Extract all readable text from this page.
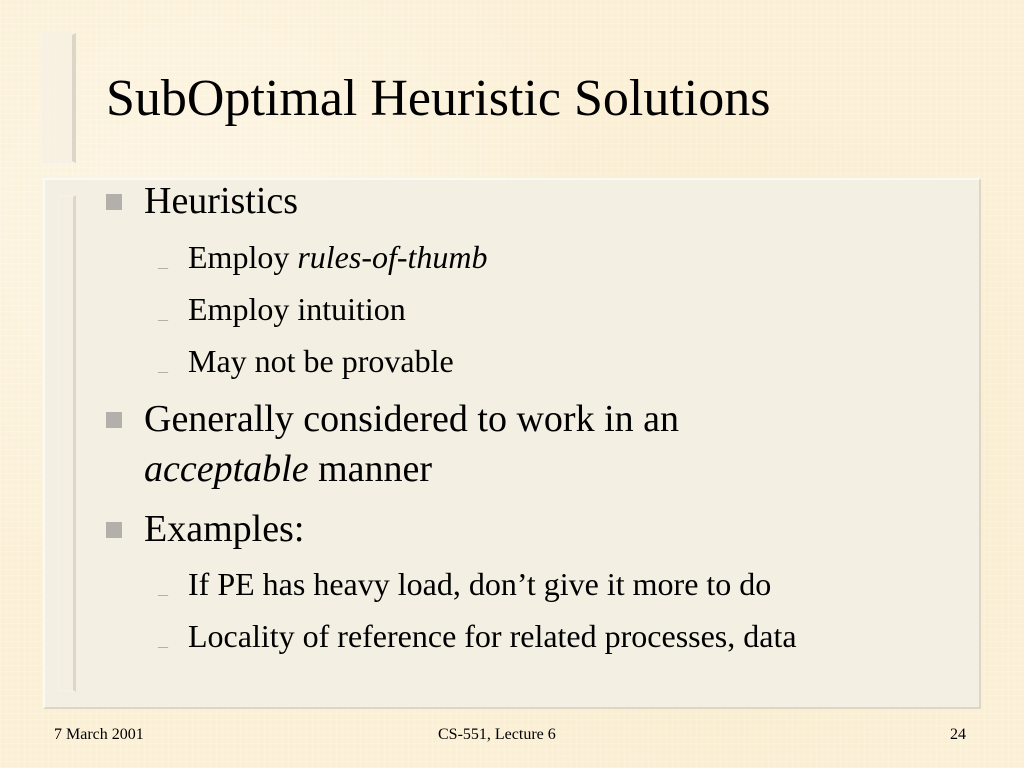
SubOptimal Heuristic Solutions
Heuristics
– Employ rules-of-thumb
– Employ intuition
– May not be provable
Generally considered to work in an
acceptable manner
Examples:
– If PE has heavy load, don’t give it more to do
– Locality of reference for related processes, data
7 March 2001	CS-551, Lecture 6	24
